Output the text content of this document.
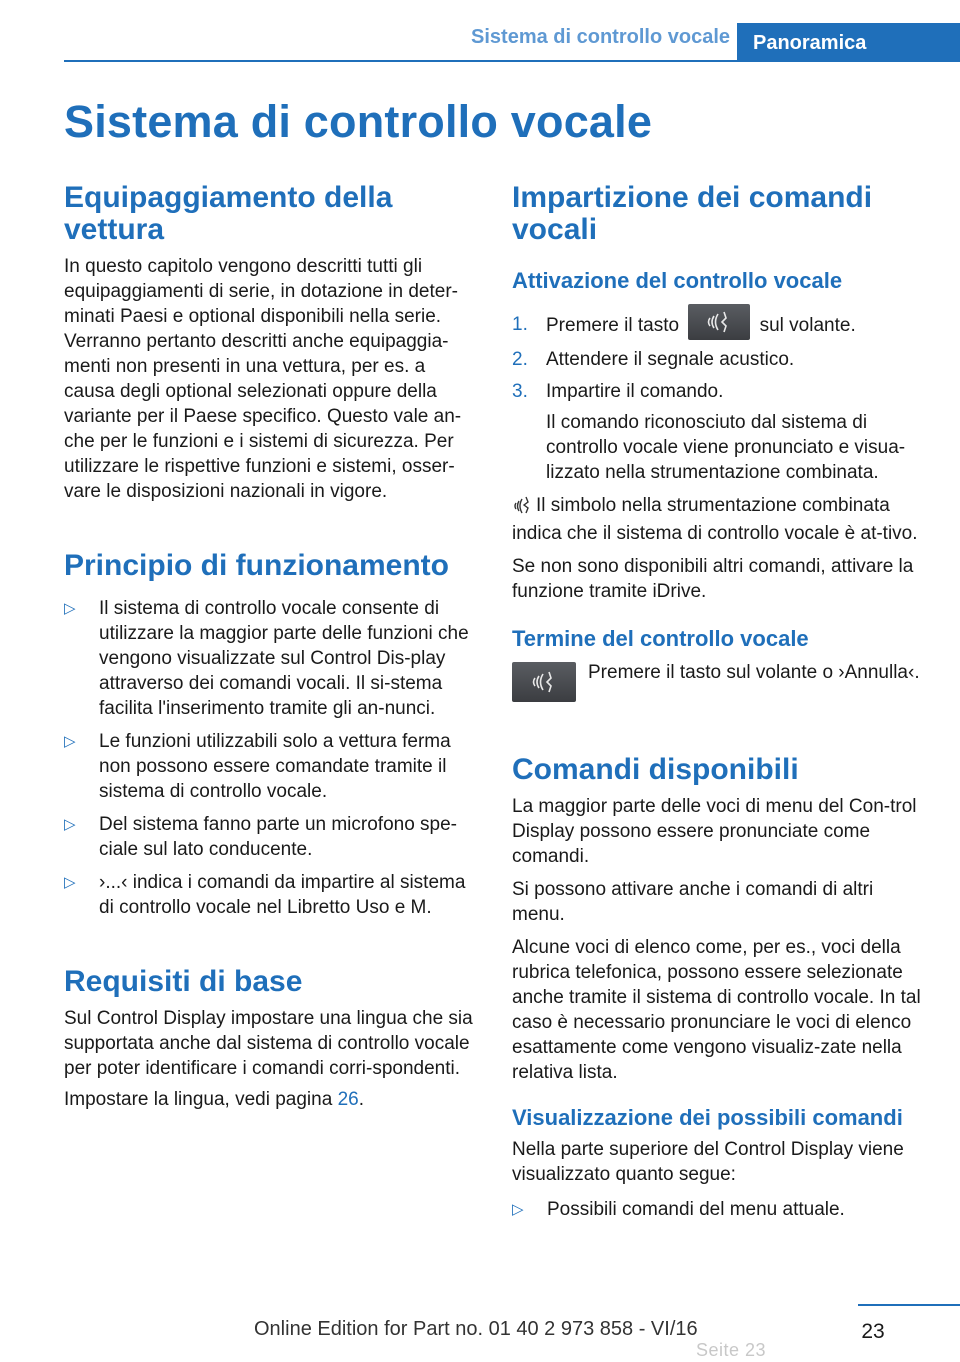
Sistema di controllo vocale Panoramica
Sistema di controllo vocale
Equipaggiamento della vettura

In questo capitolo vengono descritti tutti gli equipaggiamenti di serie, in dotazione in deter-minati Paesi e optional disponibili nella serie. Verranno pertanto descritti anche equipaggia-menti non presenti in una vettura, per es. a causa degli optional selezionati oppure della variante per il Paese specifico. Questo vale an-che per le funzioni e i sistemi di sicurezza. Per utilizzare le rispettive funzioni e sistemi, osser-vare le disposizioni nazionali in vigore.

Principio di funzionamento
▷ Il sistema di controllo vocale consente di utilizzare la maggior parte delle funzioni che vengono visualizzate sul Control Dis-play attraverso dei comandi vocali. Il si-stema facilita l'inserimento tramite gli an-nunci.
▷ Le funzioni utilizzabili solo a vettura ferma non possono essere comandate tramite il sistema di controllo vocale.
▷ Del sistema fanno parte un microfono spe-ciale sul lato conducente.
▷ ›...‹ indica i comandi da impartire al sistema di controllo vocale nel Libretto Uso e M.
Requisiti di base

Sul Control Display impostare una lingua che sia supportata anche dal sistema di controllo vocale per poter identificare i comandi corri-spondenti.

Impostare la lingua, vedi pagina 26.

Impartizione dei comandi vocali
Attivazione del controllo vocale
1. Premere il tasto	sul volante.
2. Attendere il segnale acustico.
3. Impartire il comando.
Il comando riconosciuto dal sistema di controllo vocale viene pronunciato e visua-lizzato nella strumentazione combinata.

Il simbolo nella strumentazione combinata indica che il sistema di controllo vocale è at-tivo.

Se non sono disponibili altri comandi, attivare la funzione tramite iDrive.

Termine del controllo vocale

Premere il tasto sul volante o ›Annulla‹.

Comandi disponibili

La maggior parte delle voci di menu del Con-trol Display possono essere pronunciate come comandi.

Si possono attivare anche i comandi di altri menu.

Alcune voci di elenco come, per es., voci della rubrica telefonica, possono essere selezionate anche tramite il sistema di controllo vocale. In tal caso è necessario pronunciare le voci di elenco esattamente come vengono visualiz-zate nella relativa lista.

Visualizzazione dei possibili comandi

Nella parte superiore del Control Display viene visualizzato quanto segue:

▷ Possibili comandi del menu attuale.
23
Online Edition for Part no. 01 40 2 973 858 - VI/16
Seite 23
